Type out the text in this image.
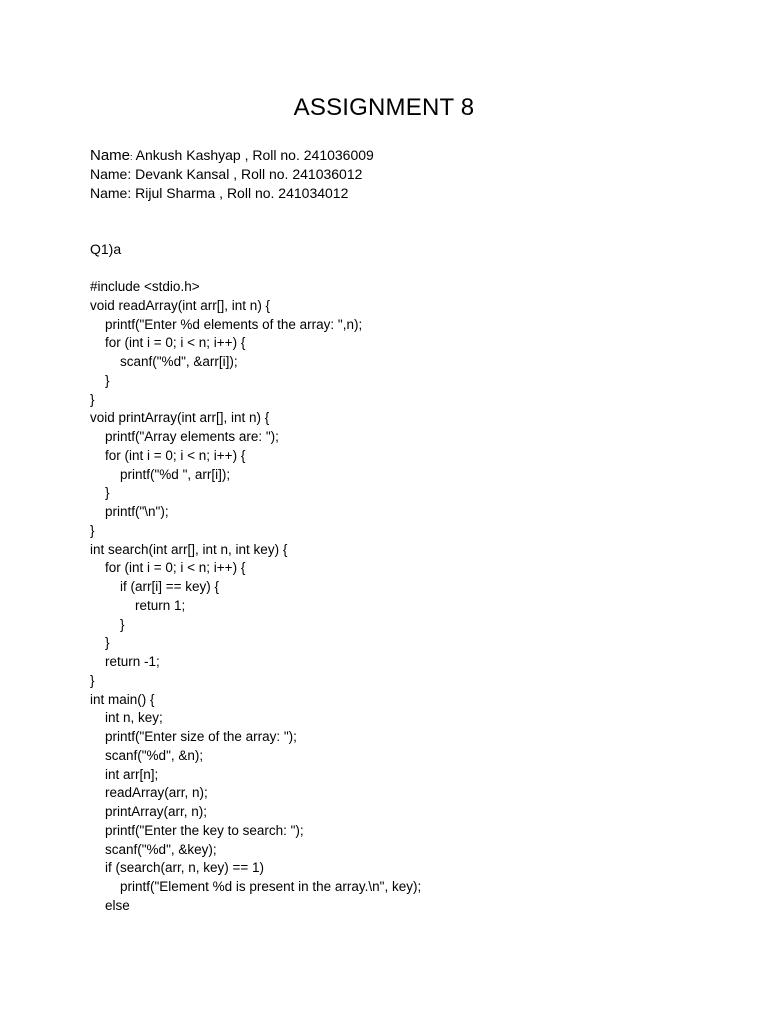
ASSIGNMENT 8
Name: Ankush Kashyap , Roll no. 241036009
Name: Devank Kansal , Roll no. 241036012
Name: Rijul Sharma , Roll no. 241034012
Q1)a
#include <stdio.h>
void readArray(int arr[], int n) {
printf("Enter %d elements of the array: ",n);
for (int i = 0; i < n; i++) {
scanf("%d", &arr[i]);
}
}
void printArray(int arr[], int n) {
printf("Array elements are: ");
for (int i = 0; i < n; i++) {
printf("%d ", arr[i]);
}
printf("\n");
}
int search(int arr[], int n, int key) {
for (int i = 0; i < n; i++) {
if (arr[i] == key) {
return 1;
}
}
return -1;
}
int main() {
int n, key;
printf("Enter size of the array: ");
scanf("%d", &n);
int arr[n];
readArray(arr, n);
printArray(arr, n);
printf("Enter the key to search: ");
scanf("%d", &key);
if (search(arr, n, key) == 1)
printf("Element %d is present in the array.\n", key);
else
